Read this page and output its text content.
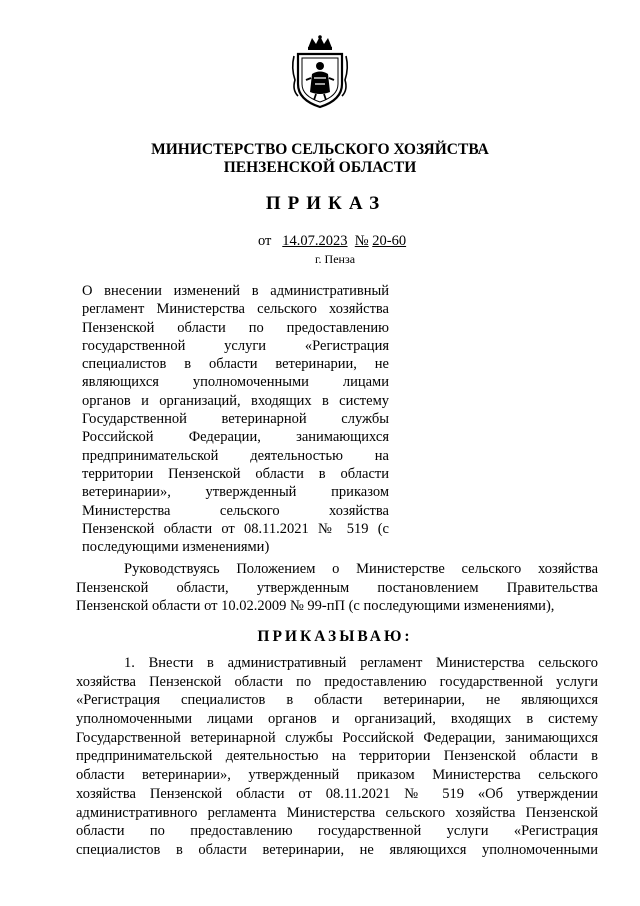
МИНИСТЕРСТВО СЕЛЬСКОГО ХОЗЯЙСТВА
ПЕНЗЕНСКОЙ ОБЛАСТИ
ПРИКАЗ
от 14.07.2023 № 20-60
г. Пенза
О внесении изменений в административный
регламент Министерства сельского хозяйства
Пензенской области по предоставлению
государственной услуги «Регистрация
специалистов в области ветеринарии, не
являющихся уполномоченными лицами
органов и организаций, входящих в систему
Государственной ветеринарной службы
Российской Федерации, занимающихся
предпринимательской деятельностью на
территории Пензенской области в области
ветеринарии», утвержденный приказом
Министерства сельского хозяйства
Пензенской области от 08.11.2021 № 519 (с
последующими изменениями)
Руководствуясь Положением о Министерстве сельского хозяйства
Пензенской области, утвержденным постановлением Правительства
Пензенской области от 10.02.2009 № 99-пП (с последующими изменениями),
ПРИКАЗЫВАЮ:
1. Внести в административный регламент Министерства сельского
хозяйства Пензенской области по предоставлению государственной услуги
«Регистрация специалистов в области ветеринарии, не являющихся
уполномоченными лицами органов и организаций, входящих в систему
Государственной ветеринарной службы Российской Федерации, занимающихся
предпринимательской деятельностью на территории Пензенской области в
области ветеринарии», утвержденный приказом Министерства сельского
хозяйства Пензенской области от 08.11.2021 № 519 «Об утверждении
административного регламента Министерства сельского хозяйства Пензенской
области по предоставлению государственной услуги «Регистрация
специалистов в области ветеринарии, не являющихся уполномоченными
